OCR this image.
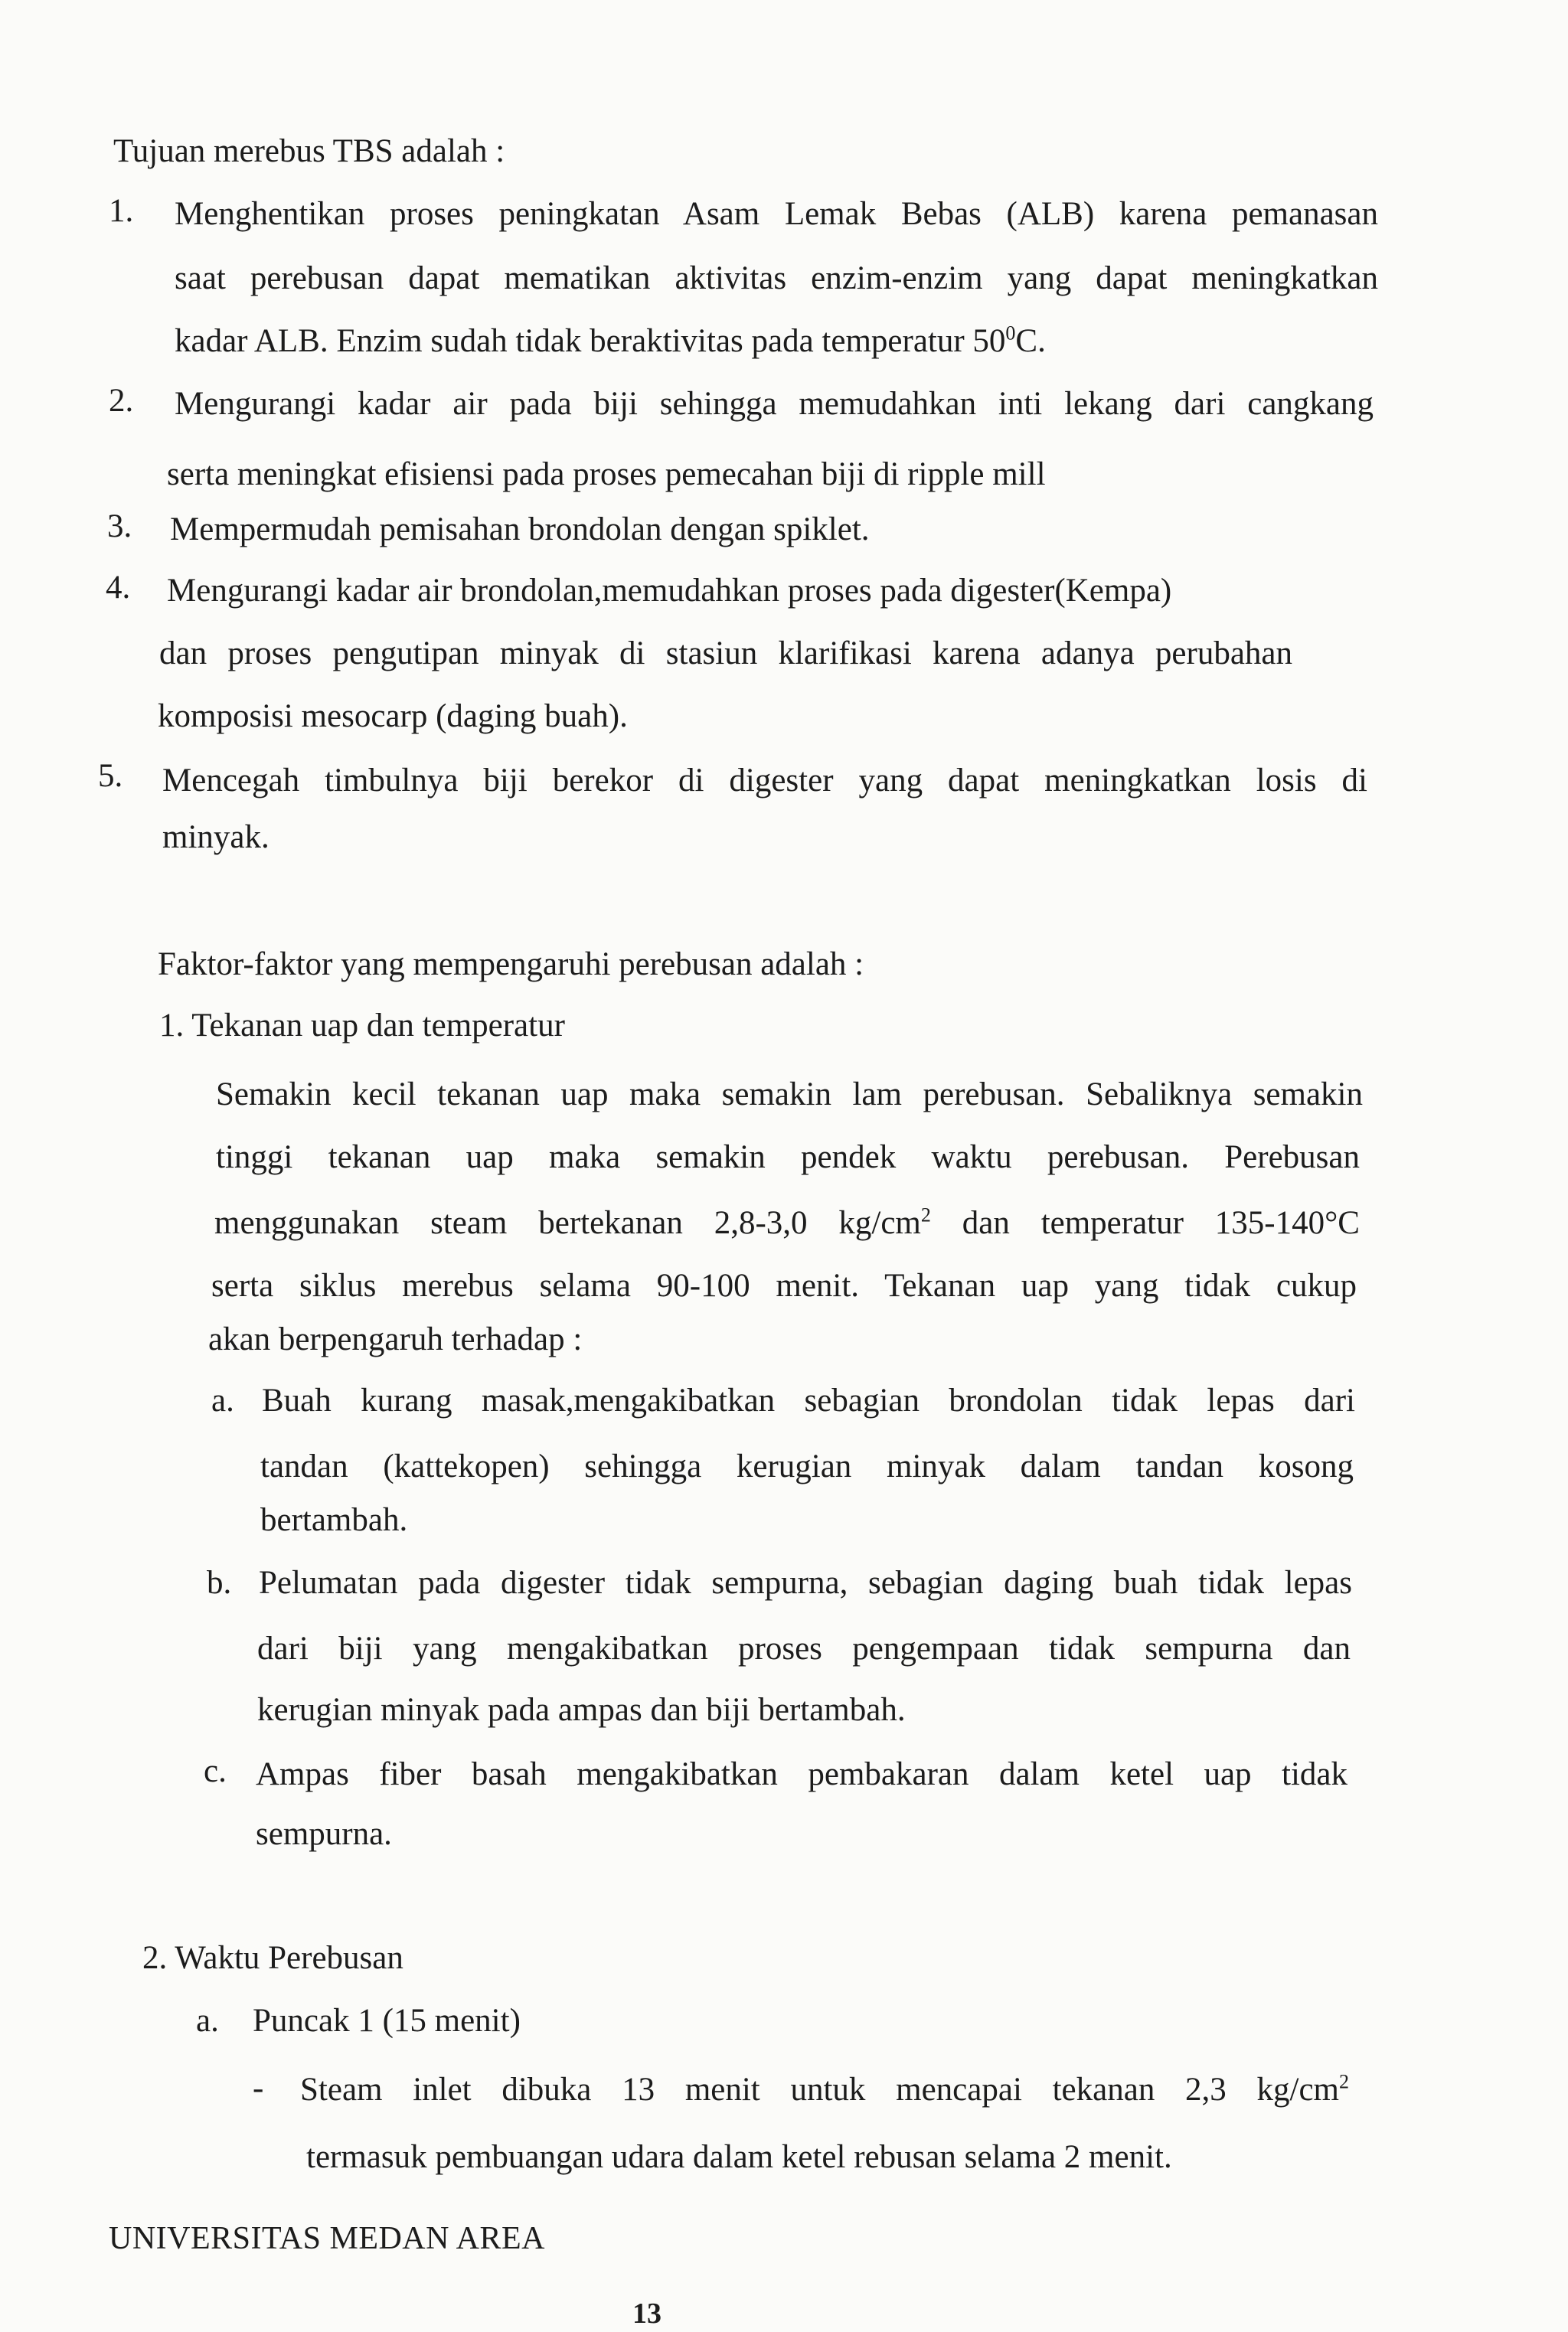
Tujuan merebus TBS adalah :
1. Menghentikan proses peningkatan Asam Lemak Bebas (ALB) karena pemanasan
saat perebusan dapat mematikan aktivitas enzim-enzim yang dapat meningkatkan
kadar ALB. Enzim sudah tidak beraktivitas pada temperatur $50^0C$.
2. Mengurangi kadar air pada biji sehingga memudahkan inti lekang dari cangkang
serta meningkat efisiensi pada proses pemecahan biji di ripple mill
3. Mempermudah pemisahan brondolan dengan spiklet.
4. Mengurangi kadar air brondolan,memudahkan proses pada digester(Kempa)
dan proses pengutipan minyak di stasiun klarifikasi karena adanya perubahan
komposisi mesocarp (daging buah).
5. Mencegah timbulnya biji berekor di digester yang dapat meningkatkan losis di
minyak.
Faktor-faktor yang mempengaruhi perebusan adalah :
1. Tekanan uap dan temperatur
Semakin kecil tekanan uap maka semakin lam perebusan. Sebaliknya semakin
tinggi tekanan uap maka semakin pendek waktu perebusan. Perebusan
menggunakan steam bertekanan 2,8-3,0 $kg/cm^2$ dan temperatur 135-140°C
serta siklus merebus selama 90-100 menit. Tekanan uap yang tidak cukup
akan berpengaruh terhadap :
a. Buah kurang masak,mengakibatkan sebagian brondolan tidak lepas dari
tandan (kattekopen) sehingga kerugian minyak dalam tandan kosong
bertambah.
b. Pelumatan pada digester tidak sempurna, sebagian daging buah tidak lepas
dari biji yang mengakibatkan proses pengempaan tidak sempurna dan
kerugian minyak pada ampas dan biji bertambah.
c. Ampas fiber basah mengakibatkan pembakaran dalam ketel uap tidak
sempurna.
2. Waktu Perebusan
a. Puncak 1 (15 menit)
- Steam inlet dibuka 13 menit untuk mencapai tekanan 2,3 $kg/cm^2$
termasuk pembuangan udara dalam ketel rebusan selama 2 menit.
UNIVERSITAS MEDAN AREA
13
